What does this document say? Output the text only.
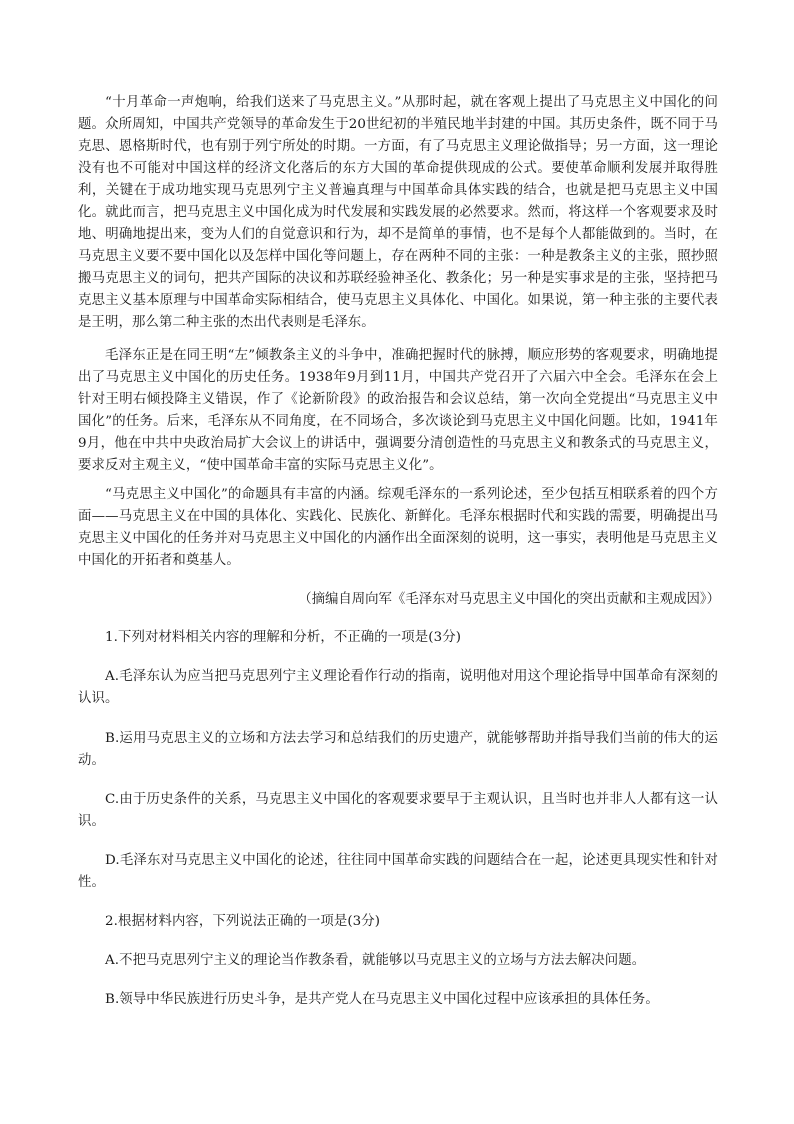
“十月革命一声炮响，给我们送来了马克思主义。”从那时起，就在客观上提出了马克思主义中国化的问题。众所周知，中国共产党领导的革命发生于20世纪初的半殖民地半封建的中国。其历史条件，既不同于马克思、恩格斯时代，也有别于列宁所处的时期。一方面，有了马克思主义理论做指导；另一方面，这一理论没有也不可能对中国这样的经济文化落后的东方大国的革命提供现成的公式。要使革命顺利发展并取得胜利，关键在于成功地实现马克思列宁主义普遍真理与中国革命具体实践的结合，也就是把马克思主义中国化。就此而言，把马克思主义中国化成为时代发展和实践发展的必然要求。然而，将这样一个客观要求及时地、明确地提出来，变为人们的自觉意识和行为，却不是简单的事情，也不是每个人都能做到的。当时，在马克思主义要不要中国化以及怎样中国化等问题上，存在两种不同的主张：一种是教条主义的主张，照抄照搬马克思主义的词句，把共产国际的决议和苏联经验神圣化、教条化；另一种是实事求是的主张，坚持把马克思主义基本原理与中国革命实际相结合，使马克思主义具体化、中国化。如果说，第一种主张的主要代表是王明，那么第二种主张的杰出代表则是毛泽东。

毛泽东正是在同王明“左”倾教条主义的斗争中，准确把握时代的脉搏，顺应形势的客观要求，明确地提出了马克思主义中国化的历史任务。1938年9月到11月，中国共产党召开了六届六中全会。毛泽东在会上针对王明右倾投降主义错误，作了《论新阶段》的政治报告和会议总结，第一次向全党提出“马克思主义中国化”的任务。后来，毛泽东从不同角度，在不同场合，多次谈论到马克思主义中国化问题。比如，1941年9月，他在中共中央政治局扩大会议上的讲话中，强调要分清创造性的马克思主义和教条式的马克思主义，要求反对主观主义，“使中国革命丰富的实际马克思主义化”。

“马克思主义中国化”的命题具有丰富的内涵。综观毛泽东的一系列论述，至少包括互相联系着的四个方面——马克思主义在中国的具体化、实践化、民族化、新鲜化。毛泽东根据时代和实践的需要，明确提出马克思主义中国化的任务并对马克思主义中国化的内涵作出全面深刻的说明，这一事实，表明他是马克思主义中国化的开拓者和奠基人。

（摘编自周向军《毛泽东对马克思主义中国化的突出贡献和主观成因》）

1.下列对材料相关内容的理解和分析，不正确的一项是(3分)

A.毛泽东认为应当把马克思列宁主义理论看作行动的指南，说明他对用这个理论指导中国革命有深刻的认识。

B.运用马克思主义的立场和方法去学习和总结我们的历史遗产，就能够帮助并指导我们当前的伟大的运动。

C.由于历史条件的关系，马克思主义中国化的客观要求要早于主观认识，且当时也并非人人都有这一认识。

D.毛泽东对马克思主义中国化的论述，往往同中国革命实践的问题结合在一起，论述更具现实性和针对性。

2.根据材料内容，下列说法正确的一项是(3分)

A.不把马克思列宁主义的理论当作教条看，就能够以马克思主义的立场与方法去解决问题。

B.领导中华民族进行历史斗争，是共产党人在马克思主义中国化过程中应该承担的具体任务。
